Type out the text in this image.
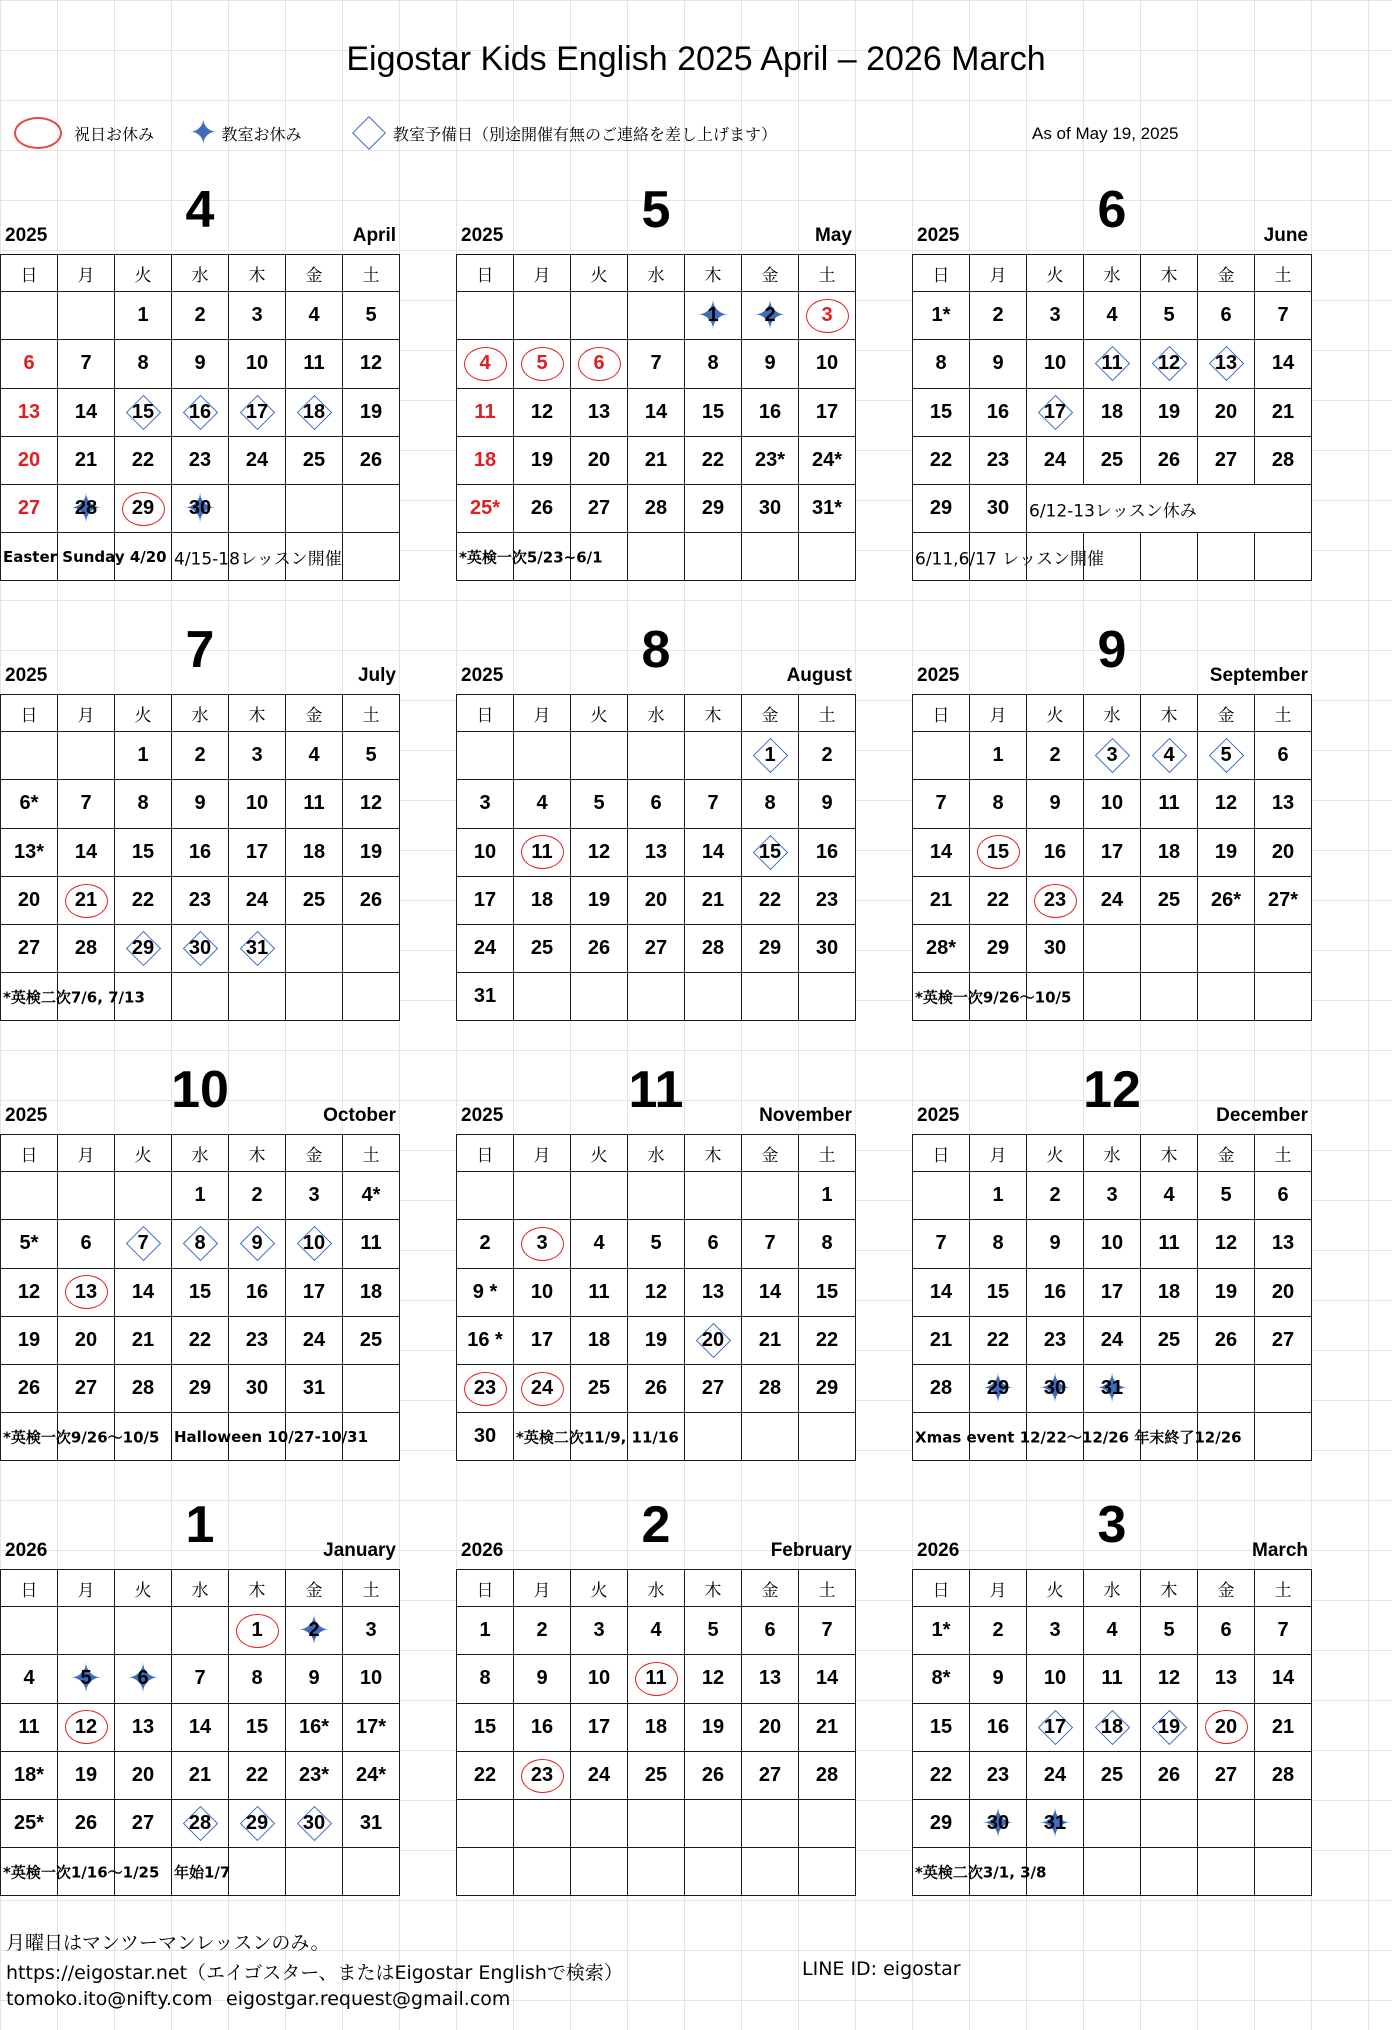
Eigostar Kids English 2025 April – 2026 March
祝日お休み ✦ 教室お休み	教室予備日（別途開催有無のご連絡を差し上げます）	As of May 19, 2025
2025	4	April
日	月	火	水	木	金	土
		1	2	3	4	5
6	7	8	9	10	11	12
13	14	15	16	17	18	19
20	21	22	23	24	25	26
27	✦ 28	29	✦ 30			

Easter Sunday 4/20			4/15-18レッスン開催			

2025	5	May
日	月	火	水	木	金	土
				✦ 1	✦ 2	3
4	5	6	7	8	9	10
11	12	13	14	15	16	17
18	19	20	21	22	23*	24*
25*	26	27	28	29	30	31*

*英検一次5/23~6/1						

2025	6	June
日	月	火	水	木	金	土
1*	2	3	4	5	6	7
8	9	10	11	12	13	14
15	16	17	18	19	20	21
22	23	24	25	26	27	28
29	30	6/12-13レッスン休み				

6/11,6/17 レッスン開催						

2025	7	July
日	月	火	水	木	金	土
		1	2	3	4	5
6*	7	8	9	10	11	12
13*	14	15	16	17	18	19
20	21	22	23	24	25	26
27	28	29	30	31		

*英検二次7/6, 7/13						

2025	8	August
日	月	火	水	木	金	土
					1	2
3	4	5	6	7	8	9
10	11	12	13	14	15	16
17	18	19	20	21	22	23
24	25	26	27	28	29	30
31						
2025	9	September
日	月	火	水	木	金	土
	1	2	3	4	5	6
7	8	9	10	11	12	13
14	15	16	17	18	19	20
21	22	23	24	25	26*	27*
28*	29	30				

*英検一次9/26～10/5						

2025	10	October
日	月	火	水	木	金	土
			1	2	3	4*
5*	6	7	8	9	10	11
12	13	14	15	16	17	18
19	20	21	22	23	24	25
26	27	28	29	30	31	

*英検一次9/26～10/5			Halloween 10/27-10/31			

2025	11	November
日	月	火	水	木	金	土
						1
2	3	4	5	6	7	8
9 *	10	11	12	13	14	15
16 *	17	18	19	20	21	22
23	24	25	26	27	28	29
30	*英検二次11/9, 11/16					

2025	12	December
日	月	火	水	木	金	土
	1	2	3	4	5	6
7	8	9	10	11	12	13
14	15	16	17	18	19	20
21	22	23	24	25	26	27
28	✦ 29	✦ 30	✦ 31			

Xmas event 12/22～12/26 年末終了12/26						

2026	1	January
日	月	火	水	木	金	土
				1	✦ 2	3
4	✦ 5	✦ 6	7	8	9	10
11	12	13	14	15	16*	17*
18*	19	20	21	22	23*	24*
25*	26	27	28	29	30	31

*英検一次1/16～1/25			年始1/7			

2026	2	February
日	月	火	水	木	金	土
1	2	3	4	5	6	7
8	9	10	11	12	13	14
15	16	17	18	19	20	21
22	23	24	25	26	27	28

2026	3	March
日	月	火	水	木	金	土
1*	2	3	4	5	6	7
8*	9	10	11	12	13	14
15	16	17	18	19	20	21
22	23	24	25	26	27	28
29	✦ 30	✦ 31				

*英検二次3/1, 3/8						

月曜日はマンツーマンレッスンのみ。
https://eigostar.net（エイゴスター、またはEigostar Englishで検索）	LINE ID: eigostar
tomoko.ito@nifty.com eigostgar.request@gmail.com
